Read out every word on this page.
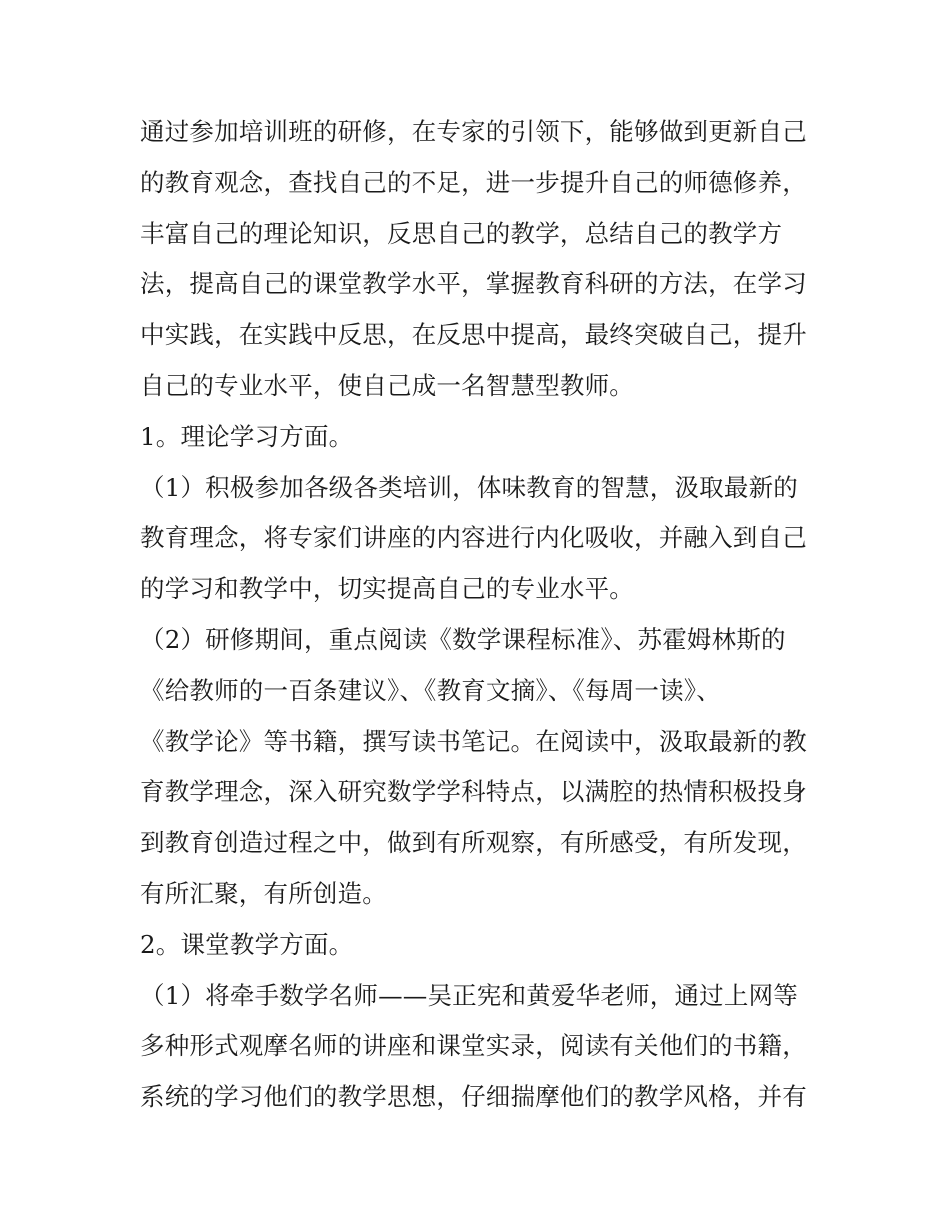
通过参加培训班的研修，在专家的引领下，能够做到更新自己
的教育观念，查找自己的不足，进一步提升自己的师德修养，
丰富自己的理论知识，反思自己的教学，总结自己的教学方
法，提高自己的课堂教学水平，掌握教育科研的方法，在学习
中实践，在实践中反思，在反思中提高，最终突破自己，提升
自己的专业水平，使自己成一名智慧型教师。
1。理论学习方面。
（1）积极参加各级各类培训，体味教育的智慧，汲取最新的
教育理念，将专家们讲座的内容进行内化吸收，并融入到自己
的学习和教学中，切实提高自己的专业水平。
（2）研修期间，重点阅读《数学课程标准》、苏霍姆林斯的
《给教师的一百条建议》、《教育文摘》、《每周一读》、
《教学论》等书籍，撰写读书笔记。在阅读中，汲取最新的教
育教学理念，深入研究数学学科特点，以满腔的热情积极投身
到教育创造过程之中，做到有所观察，有所感受，有所发现，
有所汇聚，有所创造。
2。课堂教学方面。
（1）将牵手数学名师——吴正宪和黄爱华老师，通过上网等
多种形式观摩名师的讲座和课堂实录，阅读有关他们的书籍，
系统的学习他们的教学思想，仔细揣摩他们的教学风格，并有
